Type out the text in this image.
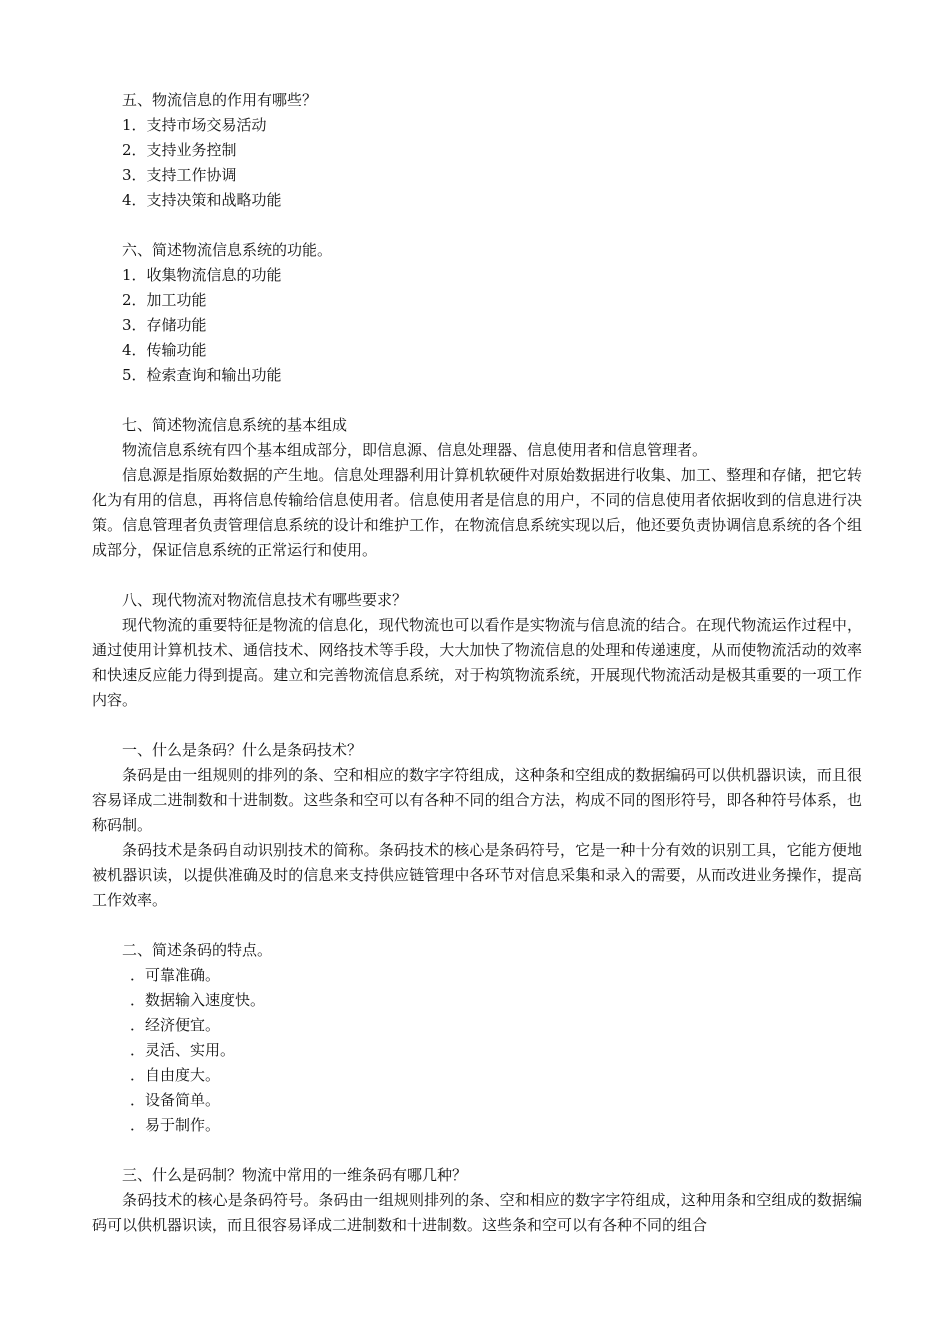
五、物流信息的作用有哪些？
1．支持市场交易活动
2．支持业务控制
3．支持工作协调
4．支持决策和战略功能
六、简述物流信息系统的功能。
1．收集物流信息的功能
2．加工功能
3．存储功能
4．传输功能
5．检索查询和输出功能
七、简述物流信息系统的基本组成
物流信息系统有四个基本组成部分，即信息源、信息处理器、信息使用者和信息管理者。
信息源是指原始数据的产生地。信息处理器利用计算机软硬件对原始数据进行收集、加工、整理和存储，把它转化为有用的信息，再将信息传输给信息使用者。信息使用者是信息的用户，不同的信息使用者依据收到的信息进行决策。信息管理者负责管理信息系统的设计和维护工作，在物流信息系统实现以后，他还要负责协调信息系统的各个组成部分，保证信息系统的正常运行和使用。
八、现代物流对物流信息技术有哪些要求？
现代物流的重要特征是物流的信息化，现代物流也可以看作是实物流与信息流的结合。在现代物流运作过程中，通过使用计算机技术、通信技术、网络技术等手段，大大加快了物流信息的处理和传递速度，从而使物流活动的效率和快速反应能力得到提高。建立和完善物流信息系统，对于构筑物流系统，开展现代物流活动是极其重要的一项工作内容。
一、什么是条码？什么是条码技术？
条码是由一组规则的排列的条、空和相应的数字字符组成，这种条和空组成的数据编码可以供机器识读，而且很容易译成二进制数和十进制数。这些条和空可以有各种不同的组合方法，构成不同的图形符号，即各种符号体系，也称码制。
条码技术是条码自动识别技术的简称。条码技术的核心是条码符号，它是一种十分有效的识别工具，它能方便地被机器识读，以提供准确及时的信息来支持供应链管理中各环节对信息采集和录入的需要，从而改进业务操作，提高工作效率。
二、简述条码的特点。
．可靠准确。
．数据输入速度快。
．经济便宜。
．灵活、实用。
．自由度大。
．设备简单。
．易于制作。
三、什么是码制？物流中常用的一维条码有哪几种？
条码技术的核心是条码符号。条码由一组规则排列的条、空和相应的数字字符组成，这种用条和空组成的数据编码可以供机器识读，而且很容易译成二进制数和十进制数。这些条和空可以有各种不同的组合
